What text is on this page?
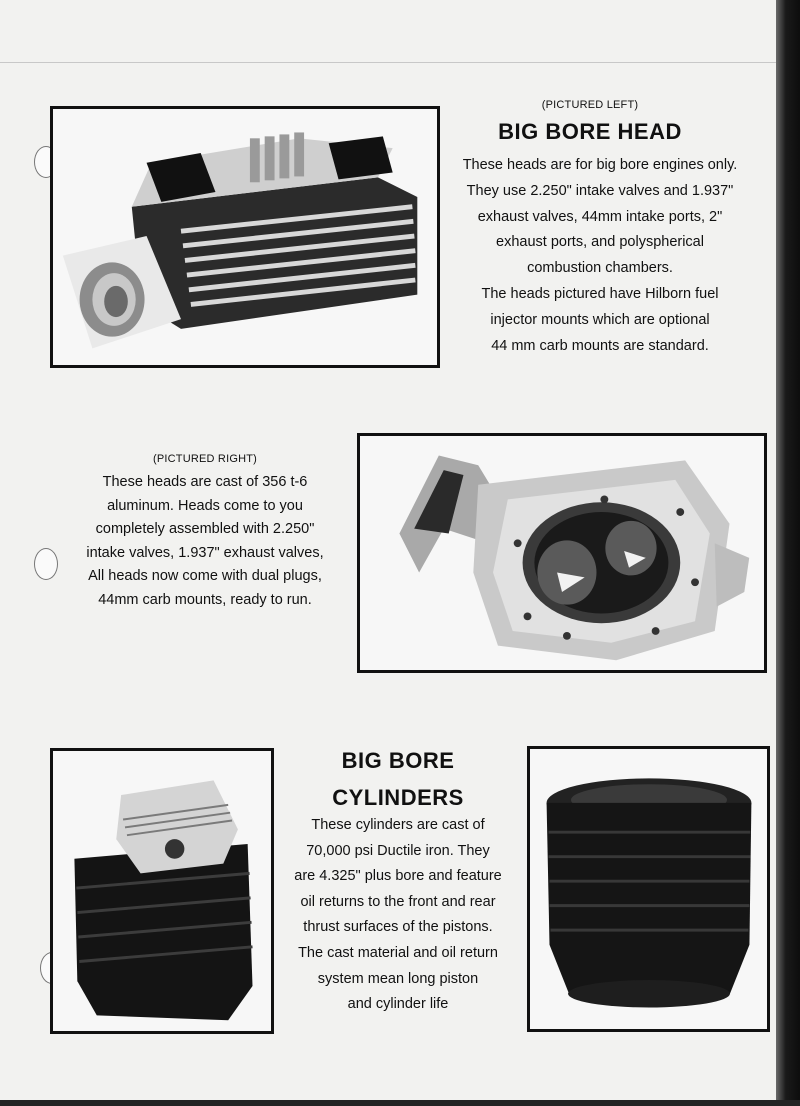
(PICTURED LEFT)
BIG BORE HEAD
These heads are for big bore engines only.
They use 2.250" intake valves and 1.937"
exhaust valves, 44mm intake ports, 2"
exhaust ports, and polyspherical
combustion chambers.
The heads pictured have Hilborn fuel
injector mounts which are optional
44 mm carb mounts are standard.
(PICTURED RIGHT)
These heads are cast of 356 t-6
aluminum. Heads come to you
completely assembled with 2.250"
intake valves, 1.937" exhaust valves,
All heads now come with dual plugs,
44mm carb mounts, ready to run.
BIG BORE
CYLINDERS
These cylinders are cast of
70,000 psi Ductile iron. They
are 4.325" plus bore and feature
oil returns to the front and rear
thrust surfaces of the pistons.
The cast material and oil return
system mean long piston
and cylinder life
